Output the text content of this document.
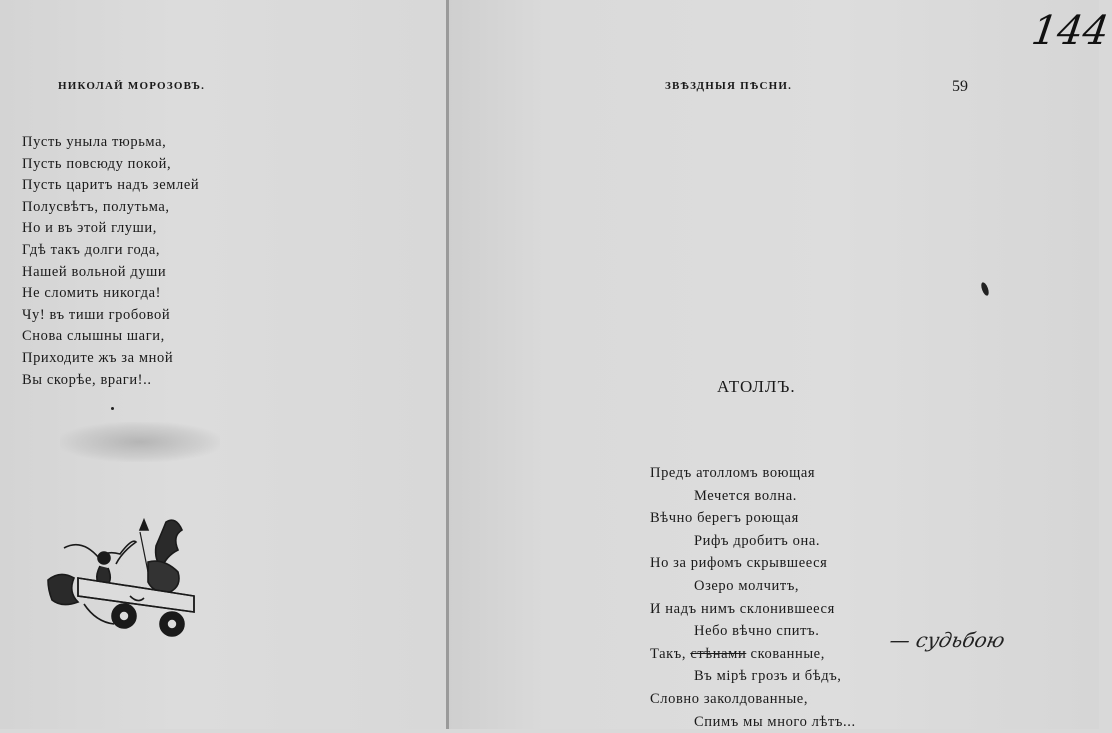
НИКОЛАЙ МОРОЗОВЪ.	ЗВѢЗДНЫЯ ПѢСНИ.	59
144
Пусть уныла тюрьма,
Пусть повсюду покой,
Пусть царитъ надъ землей
Полусвѣтъ, полутьма,
Но и въ этой глуши,
Гдѣ такъ долги года,
Нашей вольной души
Не сломить никогда!
Чу! въ тиши гробовой
Снова слышны шаги,
Приходите жъ за мной
Вы скорѣе, враги!..	АТОЛЛЪ.
Предъ атолломъ воющая
Мечется волна.
Вѣчно берегъ роющая
Рифъ дробитъ она.
Но за рифомъ скрывшееся
Озеро молчитъ,
И надъ нимъ склонившееся
Небо вѣчно спитъ.
Такъ, стѣнами скованные,
Въ мірѣ грозъ и бѣдъ,
Словно заколдованные,
Спимъ мы много лѣтъ...
— судьбою
